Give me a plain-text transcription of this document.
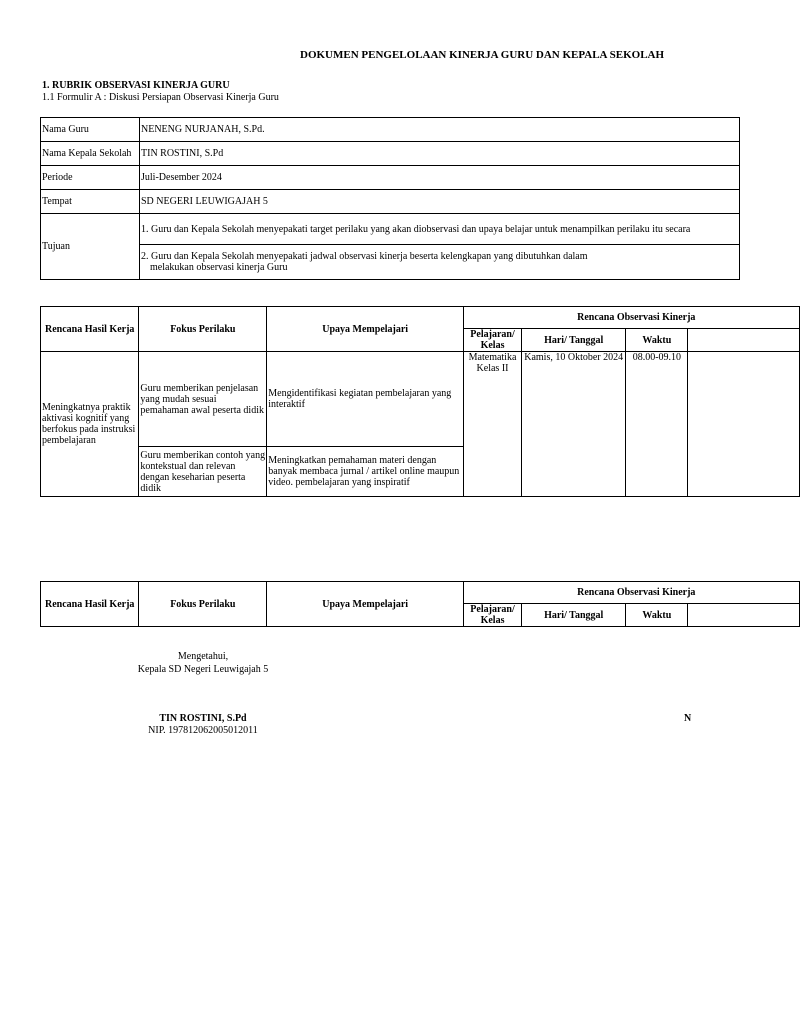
DOKUMEN PENGELOLAAN KINERJA GURU DAN KEPALA SEKOLAH
1. RUBRIK OBSERVASI KINERJA GURU
1.1 Formulir A : Diskusi Persiapan Observasi Kinerja Guru
Nama Guru	NENENG NURJANAH, S.Pd.
Nama Kepala Sekolah	TIN ROSTINI, S.Pd
Periode	Juli-Desember 2024
Tempat	SD NEGERI LEUWIGAJAH 5
Tujuan	1. Guru dan Kepala Sekolah menyepakati target perilaku yang akan diobservasi dan upaya belajar untuk menampilkan perilaku itu secara
	2. Guru dan Kepala Sekolah menyepakati jadwal observasi kinerja beserta kelengkapan yang dibutuhkan dalam
melakukan observasi kinerja Guru
Rencana Hasil Kerja	Fokus Perilaku	Upaya Mempelajari	Rencana Observasi Kinerja			
			Pelajaran/ Kelas	Hari/ Tanggal	Waktu	
Meningkatnya praktik aktivasi kognitif yang berfokus pada instruksi pembelajaran	Guru memberikan penjelasan yang mudah sesuai pemahaman awal peserta didik	Mengidentifikasi kegiatan pembelajaran yang interaktif	Matematika Kelas II	Kamis, 10 Oktober 2024	08.00-09.10	
	Guru memberikan contoh yang kontekstual dan relevan dengan keseharian peserta didik	Meningkatkan pemahaman materi dengan banyak membaca jurnal / artikel online maupun video. pembelajaran yang inspiratif				
Rencana Hasil Kerja	Fokus Perilaku	Upaya Mempelajari	Rencana Observasi Kinerja			
			Pelajaran/ Kelas	Hari/ Tanggal	Waktu	
Mengetahui,
Kepala SD Negeri Leuwigajah 5
TIN ROSTINI, S.Pd
NIP. 197812062005012011
N
